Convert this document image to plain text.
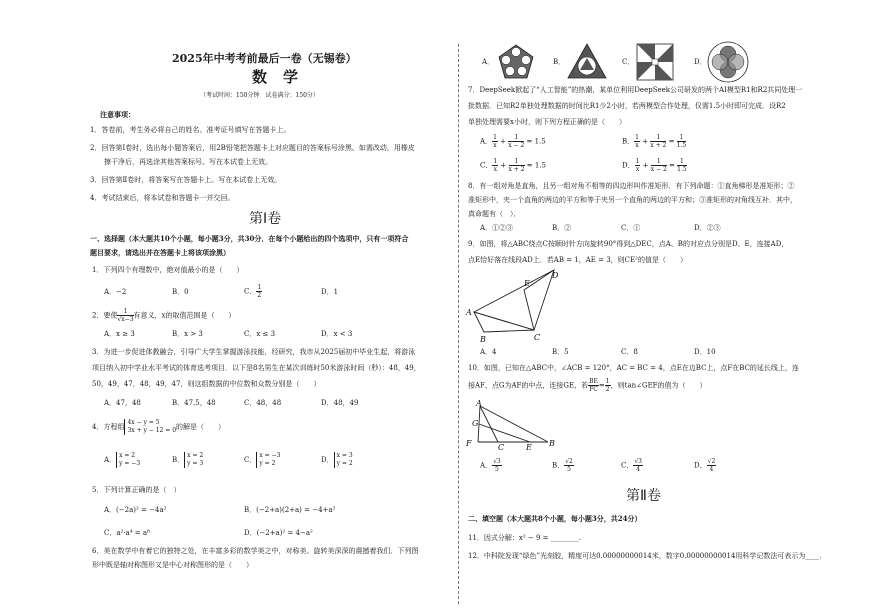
2025年中考考前最后一卷（无锡卷）
数学
（考试时间：150分钟　试卷满分：150分）
注意事项：
1．答卷前，考生务必将自己的姓名、准考证号填写在答题卡上。
2．回答第Ⅰ卷时，选出每小题答案后，用2B铅笔把答题卡上对应题目的答案标号涂黑。如需改动，用橡皮
擦干净后，再选涂其他答案标号。写在本试卷上无效。
3．回答第Ⅱ卷时，将答案写在答题卡上。写在本试卷上无效。
4．考试结束后，将本试卷和答题卡一并交回。
第Ⅰ卷
一、选择题（本大题共10个小题，每小题3分，共30分．在每个小题给出的四个选项中，只有一项符合
题目要求，请选出并在答题卡上将该项涂黑）
1．下列四个有理数中，绝对值最小的是（　　）
A．−2	B．0	C． $\frac{1}{2}$	D．1
2．要使 $\frac{1}{√x-3}$ 有意义，x的取值范围是（　　）
A．x ≥ 3	B．x > 3	C．x ≤ 3	D．x < 3
3．为进一步促进体教融合，引导广大学生掌握游泳技能，经研究，我市从2025届初中毕业生起，将游泳
项目纳入初中学业水平考试的体育选考项目．以下是8名男生在某次训练时50米游泳时间（秒）：48，49，
50，49，47，48，49，47，则这组数据的中位数和众数分别是（　　）
A．47，48	B．47.5，48	C．48，48	D．48，49
4．方程组
4x − y = 5
3x + y − 12 = 0 的解是（　　）
A．
x = 2
y = −3	B．
x = 2
y = 3	C．
x = −3
y = 2	D．
x = 3
y = 2
5．下列计算正确的是（　）
A．(−2a)² = −4a²	B．(−2+a)(2+a) = −4+a²
C．a²·a⁴ = a⁸	D．(−2+a)² = 4−a²
6．美在数学中有着它的独特之处，在丰富多彩的数学美之中，对称美、旋转美深深的震撼着我们．下列图
形中既是轴对称图形又是中心对称图形的是（　　）
A．	B．	C．	D．
7．DeepSeek掀起了“人工智能”的热潮，某单位利用DeepSeek公司研发的两个AI模型R1和R2共同处理一
批数据．已知R2单独处理数据的时间比R1少2小时，若两模型合作处理，仅需1.5小时即可完成．设R2
单独处理需要x小时，则下列方程正确的是（　　）
A． $\frac{1}{x} + \frac{1}{x - 2} = 1.5$	B． $\frac{1}{x} + \frac{1}{x + 2} = \frac{1}{1.5}$
C． $\frac{1}{x} + \frac{1}{x + 2} = 1.5$	D． $\frac{1}{x} + \frac{1}{x - 2} = \frac{1}{1.5}$
8．有一组对角是直角，且另一组对角不相等的四边形叫作准矩形．有下列命题：①直角梯形是准矩形；②
准矩形中，夹一个直角的两边的平方和等于夹另一个直角的两边的平方和；③准矩形的对角线互补．其中，
真命题有（　）．
A．①②③	B．②	C．①	D．②③
9．如图，将△ABC绕点C按顺时针方向旋转90°得到△DEC，点A、B的对应点分别是D、E，连接AD，
点E恰好落在线段AD上．若AB = 1，AE = 3，则CE²的值是（　　）
A
B	C
D
E
A．4	B．5	C．8	D．10
10．如图，已知在△ABC中，∠ACB = 120°，AC = BC = 4，点E在边BC上，点F在BC的延长线上，连
接AF，点G为AF的中点，连接GE，若 $\frac{BE}{FC} = \frac{1}{2}$ ，则tan∠GEF的值为（　　）
A
G
F	C	E B
A． $\frac{√3}{5}$	B． $\frac{√2}{5}$	C． $\frac{√3}{4}$	D． $\frac{√2}{4}$
第Ⅱ卷
二、填空题（本大题共8个小题，每小题3分，共24分）
11．因式分解：x² − 9 = ________.
12．中科院发现“绿色”光刻胶，精度可达0.00000000014米，数字0.00000000014用科学记数法可表示为____．
